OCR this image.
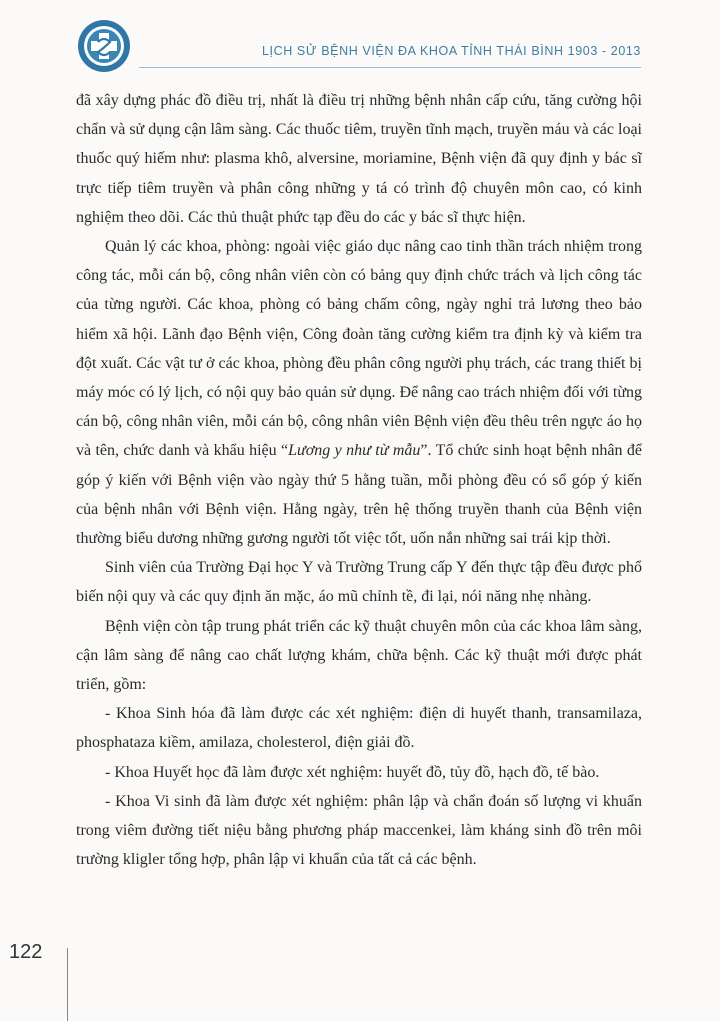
LỊCH SỬ BỆNH VIỆN ĐA KHOA TỈNH THÁI BÌNH 1903 - 2013

đã xây dựng phác đồ điều trị, nhất là điều trị những bệnh nhân cấp cứu, tăng cường hội chẩn và sử dụng cận lâm sàng. Các thuốc tiêm, truyền tĩnh mạch, truyền máu và các loại thuốc quý hiếm như: plasma khô, alversine, moriamine, Bệnh viện đã quy định y bác sĩ trực tiếp tiêm truyền và phân công những y tá có trình độ chuyên môn cao, có kinh nghiệm theo dõi. Các thủ thuật phức tạp đều do các y bác sĩ thực hiện.

Quản lý các khoa, phòng: ngoài việc giáo dục nâng cao tinh thần trách nhiệm trong công tác, mỗi cán bộ, công nhân viên còn có bảng quy định chức trách và lịch công tác của từng người. Các khoa, phòng có bảng chấm công, ngày nghỉ trả lương theo bảo hiểm xã hội. Lãnh đạo Bệnh viện, Công đoàn tăng cường kiểm tra định kỳ và kiểm tra đột xuất. Các vật tư ở các khoa, phòng đều phân công người phụ trách, các trang thiết bị máy móc có lý lịch, có nội quy bảo quản sử dụng. Để nâng cao trách nhiệm đối với từng cán bộ, công nhân viên, mỗi cán bộ, công nhân viên Bệnh viện đều thêu trên ngực áo họ và tên, chức danh và khẩu hiệu “Lương y như từ mẫu”. Tổ chức sinh hoạt bệnh nhân để góp ý kiến với Bệnh viện vào ngày thứ 5 hằng tuần, mỗi phòng đều có sổ góp ý kiến của bệnh nhân với Bệnh viện. Hằng ngày, trên hệ thống truyền thanh của Bệnh viện thường biểu dương những gương người tốt việc tốt, uốn nắn những sai trái kịp thời.

Sinh viên của Trường Đại học Y và Trường Trung cấp Y đến thực tập đều được phổ biến nội quy và các quy định ăn mặc, áo mũ chỉnh tề, đi lại, nói năng nhẹ nhàng.

Bệnh viện còn tập trung phát triển các kỹ thuật chuyên môn của các khoa lâm sàng, cận lâm sàng để nâng cao chất lượng khám, chữa bệnh. Các kỹ thuật mới được phát triển, gồm:

- Khoa Sinh hóa đã làm được các xét nghiệm: điện di huyết thanh, transamilaza, phosphataza kiềm, amilaza, cholesterol, điện giải đồ.

- Khoa Huyết học đã làm được xét nghiệm: huyết đồ, tủy đồ, hạch đồ, tế bào.

- Khoa Vi sinh đã làm được xét nghiệm: phân lập và chẩn đoán số lượng vi khuẩn trong viêm đường tiết niệu bằng phương pháp maccenkei, làm kháng sinh đồ trên môi trường kligler tổng hợp, phân lập vi khuẩn của tất cả các bệnh.

122
